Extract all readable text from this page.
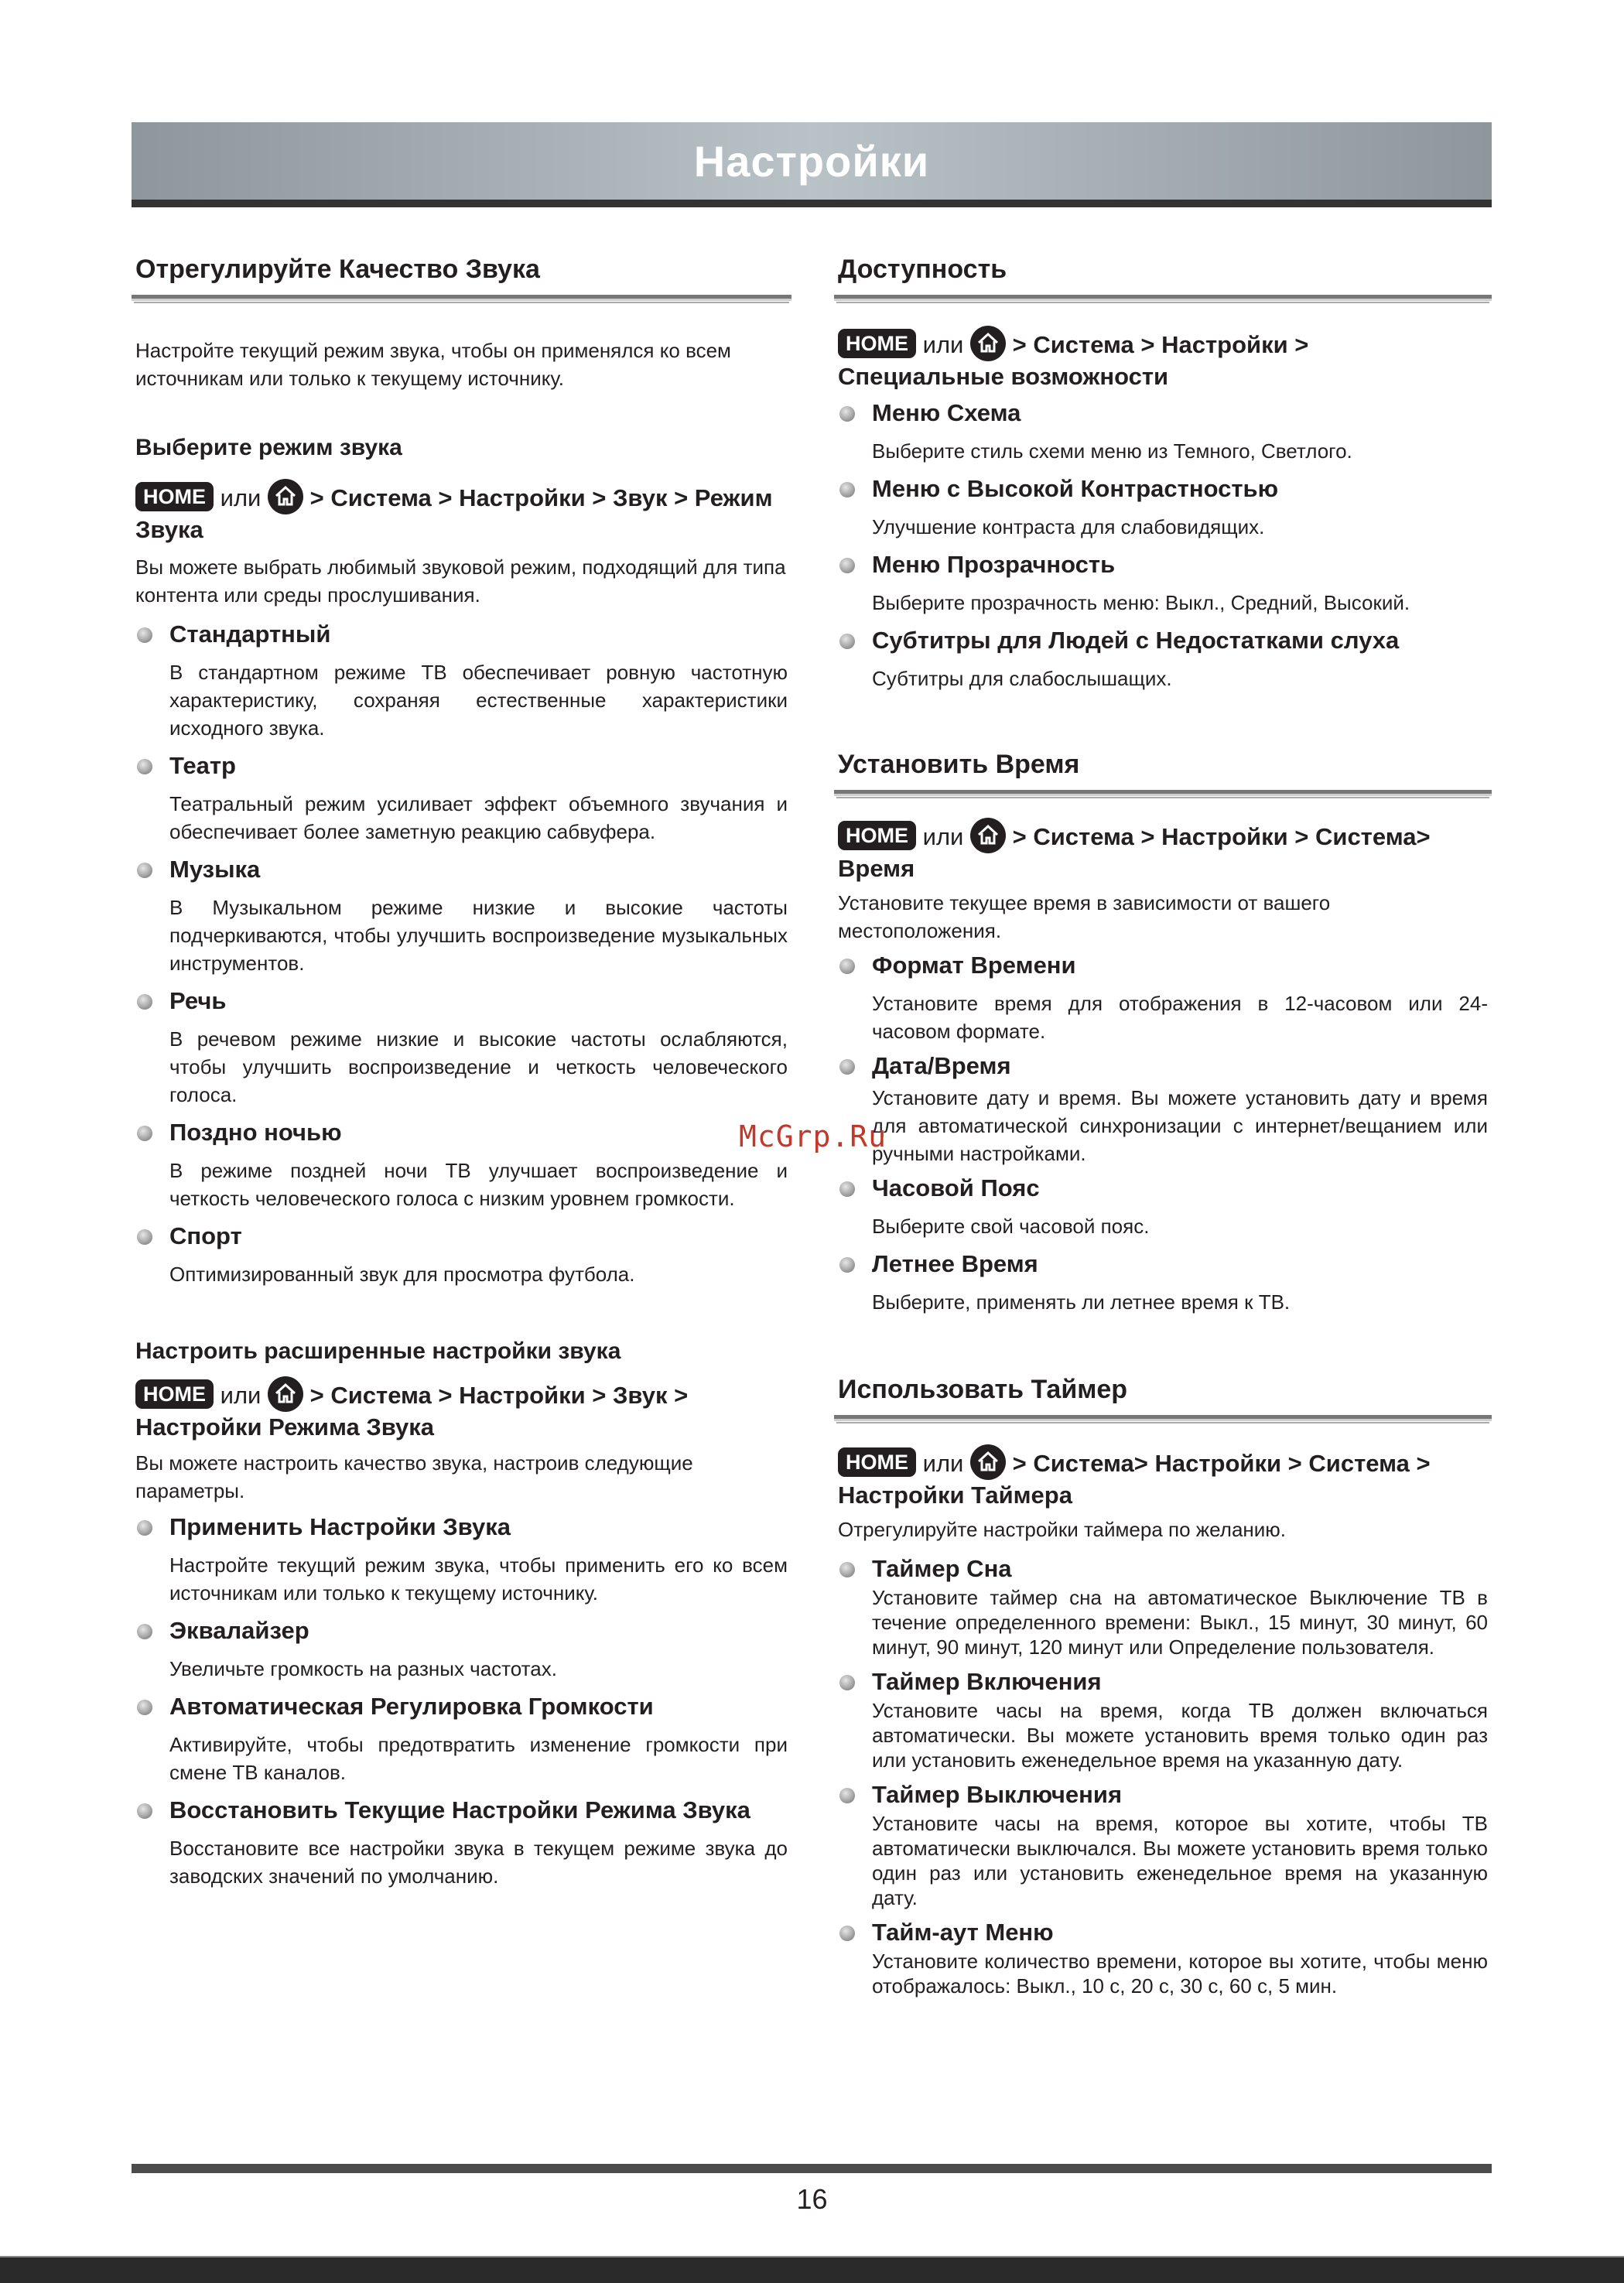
Настройки
Отрегулируйте Качество Звука

Настройте текущий режим звука, чтобы он применялся ко всем источникам или только к текущему источнику.

Выберите режим звука

HOME или > Система > Настройки > Звук > Режим
Звука

Вы можете выбрать любимый звуковой режим, подходящий для типа контента или среды прослушивания.

Стандартный

В стандартном режиме ТВ обеспечивает ровную частотную характеристику, сохраняя естественные характеристики исходного звука.

Театр

Театральный режим усиливает эффект объемного звучания и обеспечивает более заметную реакцию сабвуфера.

Музыка

В Музыкальном режиме низкие и высокие частоты подчеркиваются, чтобы улучшить воспроизведение музыкальных инструментов.

Речь

В речевом режиме низкие и высокие частоты ослабляются, чтобы улучшить воспроизведение и четкость человеческого голоса.

Поздно ночью

В режиме поздней ночи ТВ улучшает воспроизведение и четкость человеческого голоса с низким уровнем громкости.

Спорт

Оптимизированный звук для просмотра футбола.

Настроить расширенные настройки звука

HOME или > Система > Настройки > Звук >
Настройки Режима Звука

Вы можете настроить качество звука, настроив следующие параметры.

Применить Настройки Звука

Настройте текущий режим звука, чтобы применить его ко всем источникам или только к текущему источнику.

Эквалайзер

Увеличьте громкость на разных частотах.

Автоматическая Регулировка Громкости

Активируйте, чтобы предотвратить изменение громкости при смене ТВ каналов.

Восстановить Текущие Настройки Режима Звука

Восстановите все настройки звука в текущем режиме звука до заводских значений по умолчанию.

Доступность

HOME или > Система > Настройки >
Специальные возможности

Меню Схема

Выберите стиль схеми меню из Темного, Светлого.

Меню с Высокой Контрастностью

Улучшение контраста для слабовидящих.

Меню Прозрачность

Выберите прозрачность меню: Выкл., Средний, Высокий.

Субтитры для Людей с Недостатками слуха

Субтитры для слабослышащих.

Установить Время

HOME или > Система > Настройки > Система>
Время

Установите текущее время в зависимости от вашего местоположения.

Формат Времени

Установите время для отображения в 12-часовом или 24-часовом формате.

Дата/Время

Установите дату и время. Вы можете установить дату и время для автоматической синхронизации с интернет/вещанием или ручными настройками.

Часовой Пояс

Выберите свой часовой пояс.

Летнее Время

Выберите, применять ли летнее время к ТВ.

Использовать Таймер

HOME или > Система> Настройки > Система >
Настройки Таймера

Отрегулируйте настройки таймера по желанию.

Таймер Сна

Установите таймер сна на автоматическое Выключение ТВ в течение определенного времени: Выкл., 15 минут, 30 минут, 60 минут, 90 минут, 120 минут или Определение пользователя.

Таймер Включения

Установите часы на время, когда ТВ должен включаться автоматически. Вы можете установить время только один раз или установить еженедельное время на указанную дату.

Таймер Выключения

Установите часы на время, которое вы хотите, чтобы ТВ автоматически выключался. Вы можете установить время только один раз или установить еженедельное время на указанную дату.

Тайм-аут Меню

Установите количество времени, которое вы хотите, чтобы меню отображалось: Выкл., 10 с, 20 с, 30 с, 60 с, 5 мин.

McGrp.Ru
16
